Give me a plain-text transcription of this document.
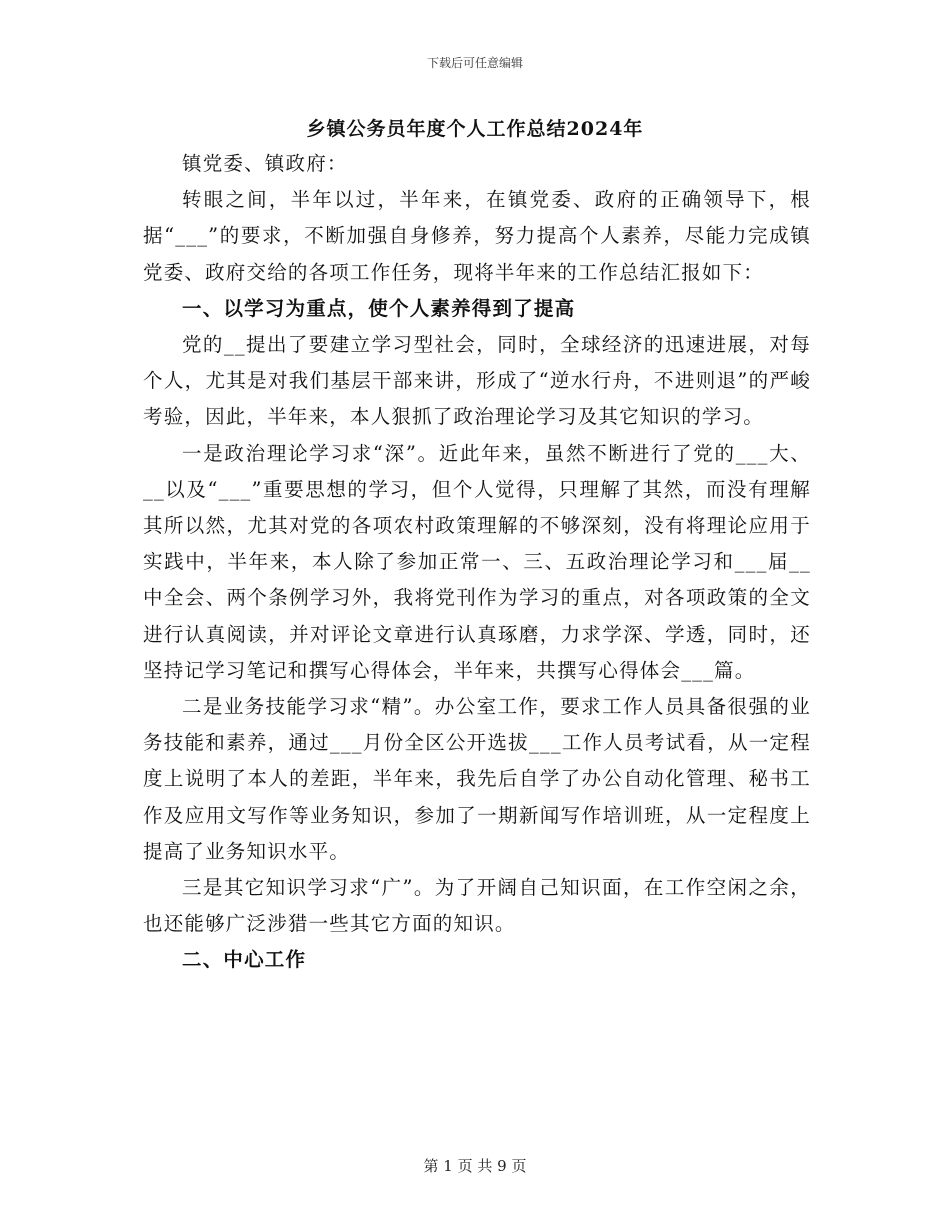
下载后可任意编辑
乡镇公务员年度个人工作总结2024年

镇党委、镇政府：

转眼之间，半年以过，半年来，在镇党委、政府的正确领导下，根据“___”的要求，不断加强自身修养，努力提高个人素养，尽能力完成镇党委、政府交给的各项工作任务，现将半年来的工作总结汇报如下：

一、以学习为重点，使个人素养得到了提高

党的__提出了要建立学习型社会，同时，全球经济的迅速进展，对每个人，尤其是对我们基层干部来讲，形成了“逆水行舟，不进则退”的严峻考验，因此，半年来，本人狠抓了政治理论学习及其它知识的学习。

一是政治理论学习求“深”。近此年来，虽然不断进行了党的___大、__以及“___”重要思想的学习，但个人觉得，只理解了其然，而没有理解其所以然，尤其对党的各项农村政策理解的不够深刻，没有将理论应用于实践中，半年来，本人除了参加正常一、三、五政治理论学习和___届__中全会、两个条例学习外，我将党刊作为学习的重点，对各项政策的全文进行认真阅读，并对评论文章进行认真琢磨，力求学深、学透，同时，还坚持记学习笔记和撰写心得体会，半年来，共撰写心得体会___篇。

二是业务技能学习求“精”。办公室工作，要求工作人员具备很强的业务技能和素养，通过___月份全区公开选拔___工作人员考试看，从一定程度上说明了本人的差距，半年来，我先后自学了办公自动化管理、秘书工作及应用文写作等业务知识，参加了一期新闻写作培训班，从一定程度上提高了业务知识水平。

三是其它知识学习求“广”。为了开阔自己知识面，在工作空闲之余，也还能够广泛涉猎一些其它方面的知识。

二、中心工作

第 1 页 共 9 页
